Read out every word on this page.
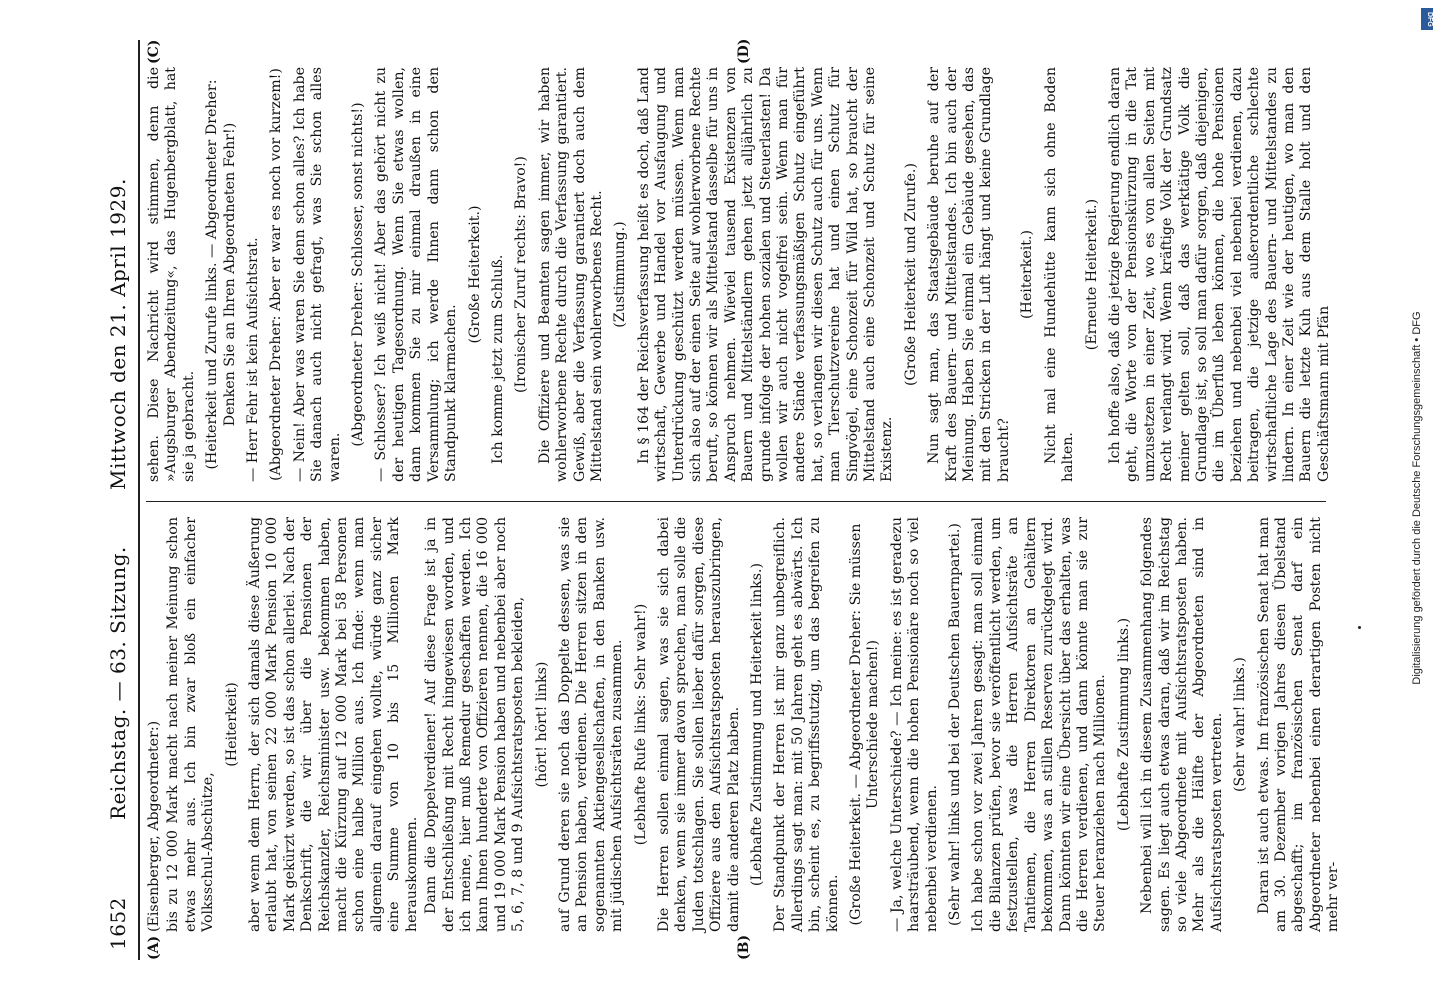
1652
Reichstag. — 63. Sitzung.
Mittwoch den 21. April 1929.
(A)	(B)

(Eisenberger, Abgeordneter:) bis zu 12 000 Mark macht nach meiner Meinung schon etwas mehr aus. Ich bin zwar bloß ein einfacher Volksschul-Abschütze,

(Heiterkeit) aber wenn dem Herrn, der sich damals diese Äußerung erlaubt hat, von seinen 22 000 Mark Pension 10 000 Mark gekürzt werden, so ist das schon allerlei. Nach der Denkschrift, die wir über die Pensionen der Reichskanzler, Reichsminister usw. bekommen haben, macht die Kürzung auf 12 000 Mark bei 58 Personen schon eine halbe Million aus. Ich finde: wenn man allgemein darauf eingehen wollte, würde ganz sicher eine Summe von 10 bis 15 Millionen Mark herauskommen. Dann die Doppelverdiener! Auf diese Frage ist ja in der Entschließung mit Recht hingewiesen worden, und ich meine, hier muß Remedur geschaffen werden. Ich kann Ihnen hunderte von Offizieren nennen, die 16 000 und 19 000 Mark Pension haben und nebenbei aber noch 5, 6, 7, 8 und 9 Aufsichtsratsposten bekleiden, (hört! hört! links) auf Grund deren sie noch das Doppelte dessen, was sie an Pension haben, verdienen. Die Herren sitzen in den sogenannten Aktiengesellschaften, in den Banken usw. mit jüdischen Aufsichtsräten zusammen. (Lebhafte Rufe links: Sehr wahr!) Die Herren sollen einmal sagen, was sie sich dabei denken, wenn sie immer davon sprechen, man solle die Juden totschlagen. Sie sollen lieber dafür sorgen, diese Offiziere aus den Aufsichtsratsposten herauszubringen, damit die anderen Platz haben. (Lebhafte Zustimmung und Heiterkeit links.) Der Standpunkt der Herren ist mir ganz unbegreiflich. Allerdings sagt man: mit 50 Jahren geht es abwärts. Ich bin, scheint es, zu begriffsstutzig, um das begreifen zu können. (Große Heiterkeit. — Abgeordneter Dreher: Sie müssen Unterschiede machen!) — Ja, welche Unterschiede? — Ich meine: es ist geradezu haarsträubend, wenn die hohen Pensionäre noch so viel nebenbei verdienen. (Sehr wahr! links und bei der Deutschen Bauernpartei.) Ich habe schon vor zwei Jahren gesagt: man soll einmal die Bilanzen prüfen, bevor sie veröffentlicht werden, um festzustellen, was die Herren Aufsichtsräte an Tantiemen, die Herren Direktoren an Gehältern bekommen, was an stillen Reserven zurückgelegt wird. Dann könnten wir eine Übersicht über das erhalten, was die Herren verdienen, und dann könnte man sie zur Steuer heranziehen nach Millionen. (Lebhafte Zustimmung links.) Nebenbei will ich in diesem Zusammenhang folgendes sagen. Es liegt auch etwas daran, daß wir im Reichstag so viele Abgeordnete mit Aufsichtsratsposten haben. Mehr als die Hälfte der Abgeordneten sind in Aufsichtsratsposten vertreten. (Sehr wahr! links.) Daran ist auch etwas. Im französischen Senat hat man am 30. Dezember vorigen Jahres diesen Übelstand abgeschafft; im französischen Senat darf ein Abgeordneter nebenbei einen derartigen Posten nicht mehr ver-

sehen. Diese Nachricht wird stimmen, denn die »Augsburger Abendzeitung«, das Hugenbergblatt, hat sie ja gebracht. (Heiterkeit und Zurufe links. — Abgeordneter Dreher: Denken Sie an Ihren Abgeordneten Fehr!) — Herr Fehr ist kein Aufsichtsrat. (Abgeordneter Dreher: Aber er war es noch vor kurzem!) — Nein! Aber was waren Sie denn schon alles? Ich habe Sie danach auch nicht gefragt, was Sie schon alles waren.

(Abgeordneter Dreher: Schlosser, sonst nichts!) — Schlosser? Ich weiß nicht! Aber das gehört nicht zu der heutigen Tagesordnung. Wenn Sie etwas wollen, dann kommen Sie zu mir einmal draußen in eine Versammlung; ich werde Ihnen dann schon den Standpunkt klarmachen.

(Große Heiterkeit.) Ich komme jetzt zum Schluß. (Ironischer Zuruf rechts: Bravo!) Die Offiziere und Beamten sagen immer, wir haben wohlerworbene Rechte durch die Verfassung garantiert. Gewiß, aber die Verfassung garantiert doch auch dem Mittelstand sein wohlerworbenes Recht. (Zustimmung.) In § 164 der Reichsverfassung heißt es doch, daß Land wirtschaft, Gewerbe und Handel vor Ausfaugung und Unterdrückung geschützt werden müssen. Wenn man sich also auf der einen Seite auf wohlerworbene Rechte beruft, so können wir als Mittelstand dasselbe für uns in Anspruch nehmen. Wieviel tausend Existenzen von Bauern und Mittelständlern gehen jetzt alljährlich zu grunde infolge der hohen sozialen und Steuerlasten! Da wollen wir auch nicht vogelfrei sein. Wenn man für andere Stände verfassungsmäßigen Schutz eingeführt hat, so verlangen wir diesen Schutz auch für uns. Wenn man Tierschutzvereine hat und einen Schutz für Singvögel, eine Schonzeit für Wild hat, so braucht der Mittelstand auch eine Schonzeit und Schutz für seine Existenz.

(Große Heiterkeit und Zurufe.) Nun sagt man, das Staatsgebäude beruhe auf der Kraft des Bauern- und Mittelstandes. Ich bin auch der Meinung. Haben Sie einmal ein Gebäude gesehen, das mit den Stricken in der Luft hängt und keine Grundlage braucht?

(Heiterkeit.) Nicht mal eine Hundehütte kann sich ohne Boden halten.

(Erneute Heiterkeit.) Ich hoffe also, daß die jetzige Regierung endlich daran geht, die Worte von der Pensionskürzung in die Tat umzusetzen in einer Zeit, wo es von allen Seiten mit Recht verlangt wird. Wenn kräftige Volk der Grundsatz meiner gelten soll, daß das werktätige Volk die Grundlage ist, so soll man dafür sorgen, daß diejenigen, die im Überfluß leben können, die hohe Pensionen beziehen und nebenbei viel nebenbei verdienen, dazu beitragen, die jetzige außerordentliche schlechte wirtschaftliche Lage des Bauern- und Mittelstandes zu lindern. In einer Zeit wie der heutigen, wo man den Bauern die letzte Kuh aus dem Stalle holt und den Geschäftsmann mit Pfän

(C)	(D)
DFG
Digitalisierung gefördert durch die Deutsche Forschungsgemeinschaft • DFG
